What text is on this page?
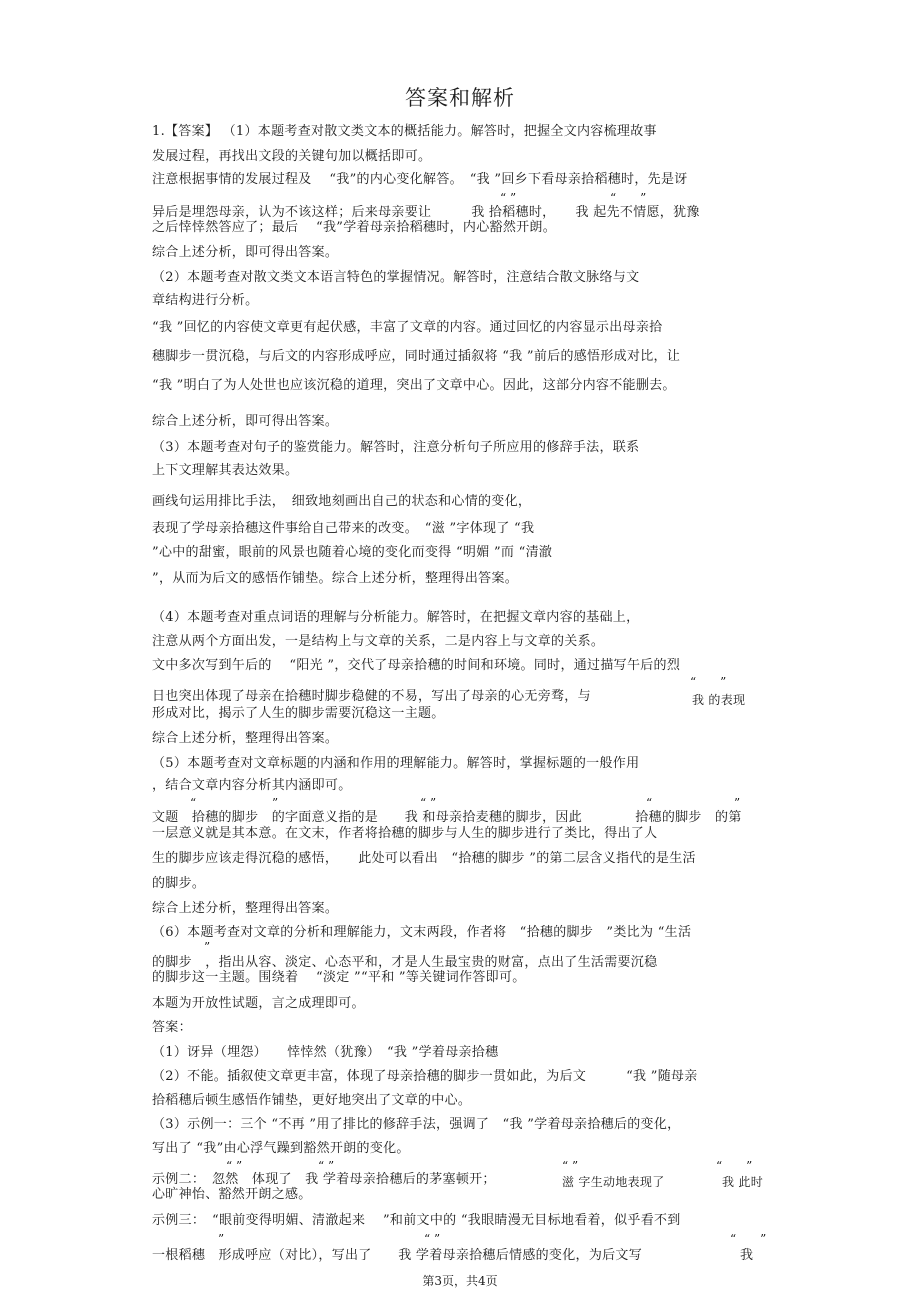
答案和解析
1.【答案】 （1）本题考查对散文类文本的概括能力。解答时，把握全文内容梳理故事
发展过程，再找出文段的关键句加以概括即可。
注意根据事情的发展过程及　 “我”的内心变化解答。　“我 ”回乡下看母亲拾稻穗时，先是讶
“ ”	“　　”
异后是埋怨母亲，认为不该这样；后来母亲要让　　　我 拾稻穗时，　　我 起先不情愿，犹豫
之后悻悻然答应了；最后　 “我”学着母亲拾稻穗时，内心豁然开朗。
综合上述分析，即可得出答案。
（2）本题考查对散文类文本语言特色的掌握情况。解答时，注意结合散文脉络与文
章结构进行分析。
“我 ”回忆的内容使文章更有起伏感，丰富了文章的内容。通过回忆的内容显示出母亲拾
穗脚步一贯沉稳，与后文的内容形成呼应，同时通过插叙将 “我 ”前后的感悟形成对比，让
“我 ”明白了为人处世也应该沉稳的道理，突出了文章中心。因此，这部分内容不能删去。
综合上述分析，即可得出答案。
（3）本题考查对句子的鉴赏能力。解答时，注意分析句子所应用的修辞手法，联系
上下文理解其表达效果。
画线句运用排比手法，　细致地刻画出自己的状态和心情的变化，
表现了学母亲拾穗这件事给自己带来的改变。　“滋 ”字体现了 “我
”心中的甜蜜，眼前的风景也随着心境的变化而变得 “明媚 ”而 “清澈
”，从而为后文的感悟作铺垫。综合上述分析，整理得出答案。
（4）本题考查对重点词语的理解与分析能力。解答时，在把握文章内容的基础上，
注意从两个方面出发，一是结构上与文章的关系，二是内容上与文章的关系。
文中多次写到午后的　 “阳光 ”，交代了母亲拾穗的时间和环境。同时，通过描写午后的烈
“　　”
日也突出体现了母亲在拾穗时脚步稳健的不易，写出了母亲的心无旁骛，与	我 的表现
形成对比，揭示了人生的脚步需要沉稳这一主题。
综合上述分析，整理得出答案。
（5）本题考查对文章标题的内涵和作用的理解能力。解答时，掌握标题的一般作用
，结合文章内容分析其内涵即可。
“	”	“ ”	“	”
文题　拾穗的脚步　的字面意义指的是　　我 和母亲拾麦穗的脚步，因此　　　　拾穗的脚步　的第
一层意义就是其本意。在文末，作者将拾穗的脚步与人生的脚步进行了类比，得出了人
生的脚步应该走得沉稳的感悟，　　此处可以看出　“拾穗的脚步 ”的第二层含义指代的是生活
的脚步。
综合上述分析，整理得出答案。
（6）本题考查对文章的分析和理解能力，文末两段，作者将　“拾穗的脚步　”类比为 “生活
”
的脚步　，指出从容、淡定、心态平和，才是人生最宝贵的财富，点出了生活需要沉稳
的脚步这一主题。围绕着　 “淡定 ”“平和 ”等关键词作答即可。
本题为开放性试题，言之成理即可。
答案：
（1）讶异（埋怨）　　悻悻然（犹豫）　“我 ”学着母亲拾穗
（2）不能。插叙使文章更丰富，体现了母亲拾穗的脚步一贯如此，为后文　　　“我 ”随母亲
拾稻穗后顿生感悟作铺垫，更好地突出了文章的中心。
（3）示例一：三个 “不再 ”用了排比的修辞手法，强调了　“我 ”学着母亲拾穗后的变化，
写出了 “我”由心浮气躁到豁然开朗的变化。
“ ”	“ ”	“ ”	“　　”
示例二：　忽然　体现了　我 学着母亲拾穗后的茅塞顿开；	滋 字生动地表现了	我 此时
心旷神怡、豁然开朗之感。
示例三：　“眼前变得明媚、清澈起来　 ”和前文中的 “我眼睛漫无目标地看着，似乎看不到
”	“ ”	“　　”
一根稻穗　形成呼应（对比），写出了　　我 学着母亲拾穗后情感的变化，为后文写	我
第3页，共4页
